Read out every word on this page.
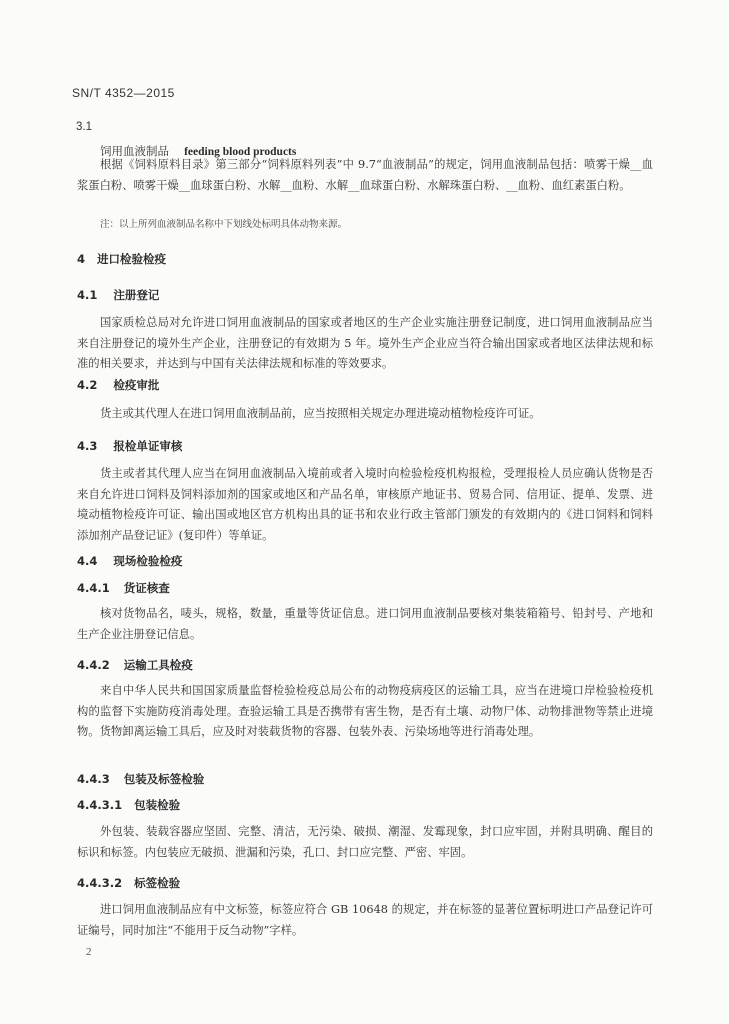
SN/T 4352—2015
3.1
饲用血液制品 feeding blood products
根据《饲料原料目录》第三部分“饲料原料列表”中 9.7“血液制品”的规定，饲用血液制品包括：喷雾干燥__血浆蛋白粉、喷雾干燥__血球蛋白粉、水解__血粉、水解__血球蛋白粉、水解珠蛋白粉、__血粉、血红素蛋白粉。
注：以上所列血液制品名称中下划线处标明具体动物来源。
4 进口检验检疫
4.1 注册登记
国家质检总局对允许进口饲用血液制品的国家或者地区的生产企业实施注册登记制度，进口饲用血液制品应当来自注册登记的境外生产企业，注册登记的有效期为 5 年。境外生产企业应当符合输出国家或者地区法律法规和标准的相关要求，并达到与中国有关法律法规和标准的等效要求。
4.2 检疫审批
货主或其代理人在进口饲用血液制品前，应当按照相关规定办理进境动植物检疫许可证。
4.3 报检单证审核
货主或者其代理人应当在饲用血液制品入境前或者入境时向检验检疫机构报检，受理报检人员应确认货物是否来自允许进口饲料及饲料添加剂的国家或地区和产品名单，审核原产地证书、贸易合同、信用证、提单、发票、进境动植物检疫许可证、输出国或地区官方机构出具的证书和农业行政主管部门颁发的有效期内的《进口饲料和饲料添加剂产品登记证》(复印件）等单证。
4.4 现场检验检疫
4.4.1 货证核查
核对货物品名，唛头，规格，数量，重量等货证信息。进口饲用血液制品要核对集装箱箱号、铅封号、产地和生产企业注册登记信息。
4.4.2 运输工具检疫
来自中华人民共和国国家质量监督检验检疫总局公布的动物疫病疫区的运输工具，应当在进境口岸检验检疫机构的监督下实施防疫消毒处理。查验运输工具是否携带有害生物，是否有土壤、动物尸体、动物排泄物等禁止进境物。货物卸离运输工具后，应及时对装载货物的容器、包装外表、污染场地等进行消毒处理。
4.4.3 包装及标签检验
4.4.3.1 包装检验
外包装、装载容器应坚固、完整、清洁，无污染、破损、潮湿、发霉现象，封口应牢固，并附具明确、醒目的标识和标签。内包装应无破损、泄漏和污染，孔口、封口应完整、严密、牢固。
4.4.3.2 标签检验
进口饲用血液制品应有中文标签，标签应符合 GB 10648 的规定，并在标签的显著位置标明进口产品登记许可证编号，同时加注“不能用于反刍动物”字样。
2
